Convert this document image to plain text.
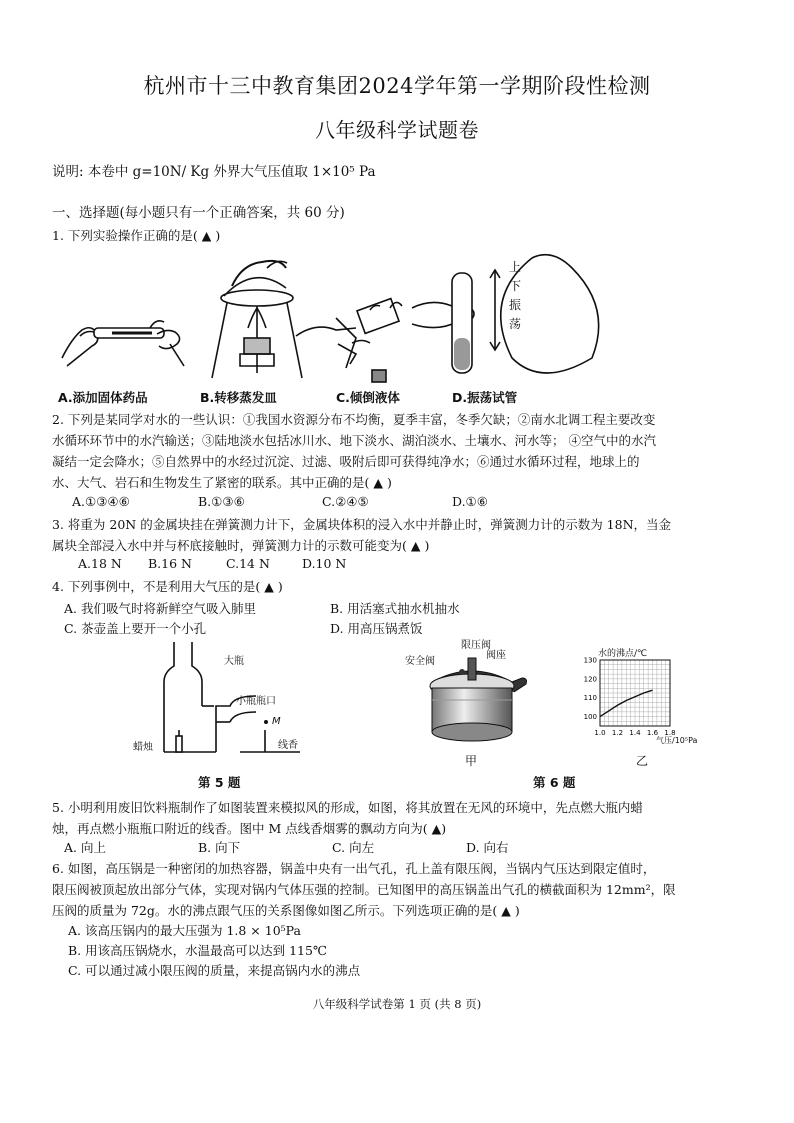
杭州市十三中教育集团2024学年第一学期阶段性检测
八年级科学试题卷
说明: 本卷中 g=10N/ Kg 外界大气压值取 1×10⁵ Pa
一、选择题(每小题只有一个正确答案，共 60 分)
1. 下列实验操作正确的是( ▲ )
上
下
振
荡
A.添加固体药品	B.转移蒸发皿	C.倾倒液体	D.振荡试管
2. 下列是某同学对水的一些认识：①我国水资源分布不均衡，夏季丰富，冬季欠缺；②南水北调工程主要改变
水循环环节中的水汽输送；③陆地淡水包括冰川水、地下淡水、湖泊淡水、土壤水、河水等； ④空气中的水汽
凝结一定会降水；⑤自然界中的水经过沉淀、过滤、吸附后即可获得纯净水；⑥通过水循环过程，地球上的
水、大气、岩石和生物发生了紧密的联系。其中正确的是( ▲ )
A.①③④⑥	B.①③⑥	C.②④⑤	D.①⑥
3. 将重为 20N 的金属块挂在弹簧测力计下，金属块体积的浸入水中并静止时，弹簧测力计的示数为 18N，当金
属块全部浸入水中并与杯底接触时，弹簧测力计的示数可能变为( ▲ )
A.18 N	B.16 N	C.14 N	D.10 N
4. 下列事例中，不是利用大气压的是( ▲ )
A. 我们吸气时将新鲜空气吸入肺里	B. 用活塞式抽水机抽水
C. 茶壶盖上要开一个小孔	D. 用高压锅煮饭
大瓶
小瓶瓶口
M
蜡烛	线香
第 5 题
限压阀
阀座
安全阀
甲
1.0 1.2 1.4 1.6 1.8
100
110
120
130
水的沸点/℃
气压/10⁵Pa
乙
第 6 题
5. 小明利用废旧饮料瓶制作了如图装置来模拟风的形成，如图，将其放置在无风的环境中，先点燃大瓶内蜡
烛，再点燃小瓶瓶口附近的线香。图中 M 点线香烟雾的飘动方向为( ▲)
A. 向上	B. 向下	C. 向左	D. 向右
6. 如图，高压锅是一种密闭的加热容器，锅盖中央有一出气孔，孔上盖有限压阀，当锅内气压达到限定值时，
限压阀被顶起放出部分气体，实现对锅内气体压强的控制。已知图甲的高压锅盖出气孔的横截面积为 12mm²，限
压阀的质量为 72g。水的沸点跟气压的关系图像如图乙所示。下列选项正确的是( ▲ )
A. 该高压锅内的最大压强为 1.8 × 10⁵Pa
B. 用该高压锅烧水，水温最高可以达到 115℃
C. 可以通过减小限压阀的质量，来提高锅内水的沸点
八年级科学试卷第 1 页 (共 8 页)
